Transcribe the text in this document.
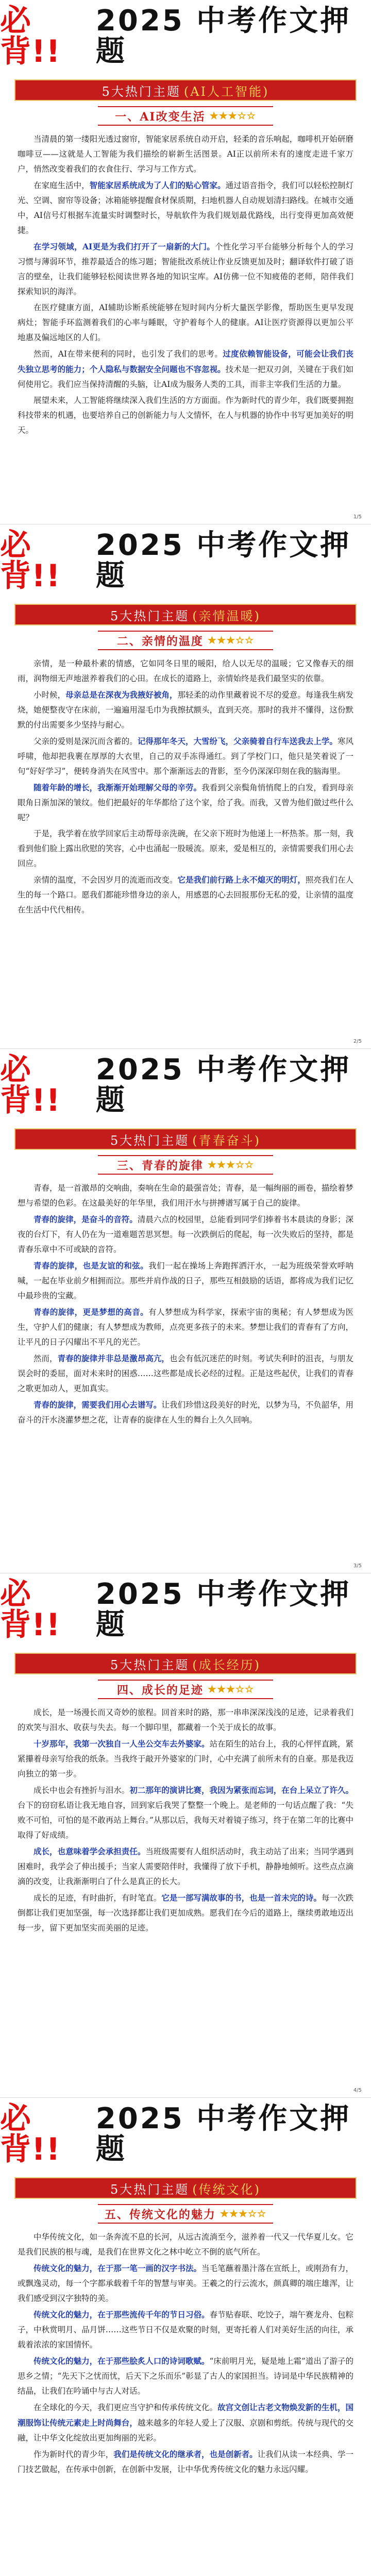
必背!!
2025 中考作文押题
5大热门主题 (AI人工智能)
一、AI改变生活 ★★★☆☆

当清晨的第一缕阳光透过窗帘，智能家居系统自动开启，轻柔的音乐响起，咖啡机开始研磨咖啡豆——这就是人工智能为我们描绘的崭新生活图景。AI正以前所未有的速度走进千家万户，悄然改变着我们的衣食住行、学习与工作方式。

在家庭生活中，智能家居系统成为了人们的贴心管家。通过语音指令，我们可以轻松控制灯光、空调、窗帘等设备；冰箱能够提醒食材保质期，扫地机器人自动规划清扫路线。在城市交通中，AI信号灯根据车流量实时调整时长，导航软件为我们规划最优路线，出行变得更加高效便捷。

在学习领域，AI更是为我们打开了一扇新的大门。个性化学习平台能够分析每个人的学习习惯与薄弱环节，推荐最适合的练习题；智能批改系统让作业反馈更加及时；翻译软件打破了语言的壁垒，让我们能够轻松阅读世界各地的知识宝库。AI仿佛一位不知疲倦的老师，陪伴我们探索知识的海洋。

在医疗健康方面，AI辅助诊断系统能够在短时间内分析大量医学影像，帮助医生更早发现病灶；智能手环监测着我们的心率与睡眠，守护着每个人的健康。AI让医疗资源得以更加公平地惠及偏远地区的人们。

然而，AI在带来便利的同时，也引发了我们的思考。过度依赖智能设备，可能会让我们丧失独立思考的能力；个人隐私与数据安全问题也不容忽视。技术是一把双刃剑，关键在于我们如何使用它。我们应当保持清醒的头脑，让AI成为服务人类的工具，而非主宰我们生活的力量。

展望未来，人工智能将继续深入我们生活的方方面面。作为新时代的青少年，我们既要拥抱科技带来的机遇，也要培养自己的创新能力与人文情怀，在人与机器的协作中书写更加美好的明天。

1/5
必背!!
2025 中考作文押题
5大热门主题 (亲情温暖)
二、亲情的温度 ★★★☆☆

亲情，是一种最朴素的情感，它如同冬日里的暖阳，给人以无尽的温暖；它又像春天的细雨，润物细无声地滋养着我们的心田。在成长的道路上，亲情始终是我们最坚实的依靠。

小时候，母亲总是在深夜为我掖好被角，那轻柔的动作里藏着说不尽的爱意。每逢我生病发烧，她便整夜守在床前，一遍遍用湿毛巾为我擦拭额头，直到天亮。那时的我并不懂得，这份默默的付出需要多少坚持与耐心。

父亲的爱则是深沉而含蓄的。记得那年冬天，大雪纷飞，父亲骑着自行车送我去上学。寒风呼啸，他却把我裹在厚厚的大衣里，自己的双手冻得通红。到了学校门口，他只是笑着说了一句“好好学习”，便转身消失在风雪中。那个渐渐远去的背影，至今仍深深印刻在我的脑海里。

随着年龄的增长，我渐渐开始理解父母的辛劳。我看到父亲鬓角悄悄爬上的白发，看到母亲眼角日渐加深的皱纹。他们把最好的年华都给了这个家，给了我。而我，又曾为他们做过些什么呢？

于是，我学着在放学回家后主动帮母亲洗碗，在父亲下班时为他递上一杯热茶。那一刻，我看到他们脸上露出欣慰的笑容，心中也涌起一股暖流。原来，爱是相互的，亲情需要我们用心去回应。

亲情的温度，不会因岁月的流逝而改变。它是我们前行路上永不熄灭的明灯，照亮我们在人生的每一个路口。愿我们都能珍惜身边的亲人，用感恩的心去回报那份无私的爱，让亲情的温度在生活中代代相传。

2/5
必背!!
2025 中考作文押题
5大热门主题 (青春奋斗)
三、青春的旋律 ★★★☆☆

青春，是一首激昂的交响曲，奏响在生命的最强音处；青春，是一幅绚丽的画卷，描绘着梦想与希望的色彩。在这最美好的年华里，我们用汗水与拼搏谱写属于自己的旋律。

青春的旋律，是奋斗的音符。清晨六点的校园里，总能看到同学们捧着书本晨读的身影；深夜的台灯下，有人仍在为一道难题苦思冥想。每一次跌倒后的爬起，每一次失败后的坚持，都是青春乐章中不可或缺的音符。

青春的旋律，也是友谊的和弦。我们一起在操场上奔跑挥洒汗水，一起为班级荣誉欢呼呐喊，一起在毕业前夕相拥而泣。那些并肩作战的日子，那些互相鼓励的话语，都将成为我们记忆中最珍贵的宝藏。

青春的旋律，更是梦想的高音。有人梦想成为科学家，探索宇宙的奥秘；有人梦想成为医生，守护人们的健康；有人梦想成为教师，点亮更多孩子的未来。梦想让我们的青春有了方向，让平凡的日子闪耀出不平凡的光芒。

然而，青春的旋律并非总是激昂高亢，也会有低沉迷茫的时刻。考试失利时的沮丧，与朋友误会时的委屈，面对未来时的困惑……这些都是成长必经的过程。正是这些起伏，让我们的青春之歌更加动人，更加真实。

青春的旋律，需要我们用心去谱写。让我们珍惜这段美好的时光，以梦为马，不负韶华，用奋斗的汗水浇灌梦想之花，让青春的旋律在人生的舞台上久久回响。

3/5
必背!!
2025 中考作文押题
5大热门主题 (成长经历)
四、成长的足迹 ★★★☆☆

成长，是一场漫长而又奇妙的旅程。回首来时的路，那一串串深深浅浅的足迹，记录着我们的欢笑与泪水、收获与失去。每一个脚印里，都藏着一个关于成长的故事。

十岁那年，我第一次独自一人坐公交车去外婆家。站在陌生的站台上，我的心怦怦直跳，紧紧攥着母亲写给我的纸条。当我终于敲开外婆家的门时，心中充满了前所未有的自豪。那是我迈向独立的第一步。

成长中也会有挫折与泪水。初二那年的演讲比赛，我因为紧张而忘词，在台上呆立了许久。台下的窃窃私语让我无地自容，回到家后我哭了整整一个晚上。是老师的一句话点醒了我：“失败不可怕，可怕的是不敢再站上舞台。”从那以后，我每天对着镜子练习，终于在第二年的比赛中取得了好成绩。

成长，也意味着学会承担责任。当班级需要有人组织活动时，我主动站了出来；当同学遇到困难时，我学会了伸出援手；当家人需要陪伴时，我懂得了放下手机，静静地倾听。这些点点滴滴的改变，让我渐渐明白了什么是真正的长大。

成长的足迹，有时曲折，有时笔直。它是一部写满故事的书，也是一首未完的诗。每一次跌倒都让我们更加坚强，每一次选择都让我们更加成熟。愿我们在今后的道路上，继续勇敢地迈出每一步，留下更加坚实而美丽的足迹。

4/5
必背!!
2025 中考作文押题
5大热门主题 (传统文化)
五、传统文化的魅力 ★★★☆☆

中华传统文化，如一条奔流不息的长河，从远古流淌至今，滋养着一代又一代华夏儿女。它是我们民族的根与魂，是我们在世界文化之林中屹立不倒的底气所在。

传统文化的魅力，在于那一笔一画的汉字书法。当毛笔蘸着墨汁落在宣纸上，或刚劲有力，或飘逸灵动，每一个字都承载着千年的智慧与审美。王羲之的行云流水，颜真卿的端庄雄浑，让我们感受到汉字独特的美。

传统文化的魅力，在于那些流传千年的节日习俗。春节贴春联、吃饺子，端午赛龙舟、包粽子，中秋赏明月、品月饼……这些节日不仅是欢聚的时刻，更寄托着人们对美好生活的向往，承载着浓浓的家国情怀。

传统文化的魅力，在于那些脍炙人口的诗词歌赋。“床前明月光，疑是地上霜”道出了游子的思乡之情；“先天下之忧而忧，后天下之乐而乐”彰显了古人的家国担当。诗词是中华民族精神的结晶，让我们在吟诵中与古人对话。

在全球化的今天，我们更应当守护和传承传统文化。故宫文创让古老文物焕发新的生机，国潮服饰让传统元素走上时尚舞台，越来越多的年轻人爱上了汉服、京剧和剪纸。传统与现代的交融，让中华文化绽放出更加绚丽的光彩。

作为新时代的青少年，我们是传统文化的继承者，也是创新者。让我们从读一本经典、学一门技艺做起，在传承中创新，在创新中发展，让中华优秀传统文化的魅力永远闪耀。
